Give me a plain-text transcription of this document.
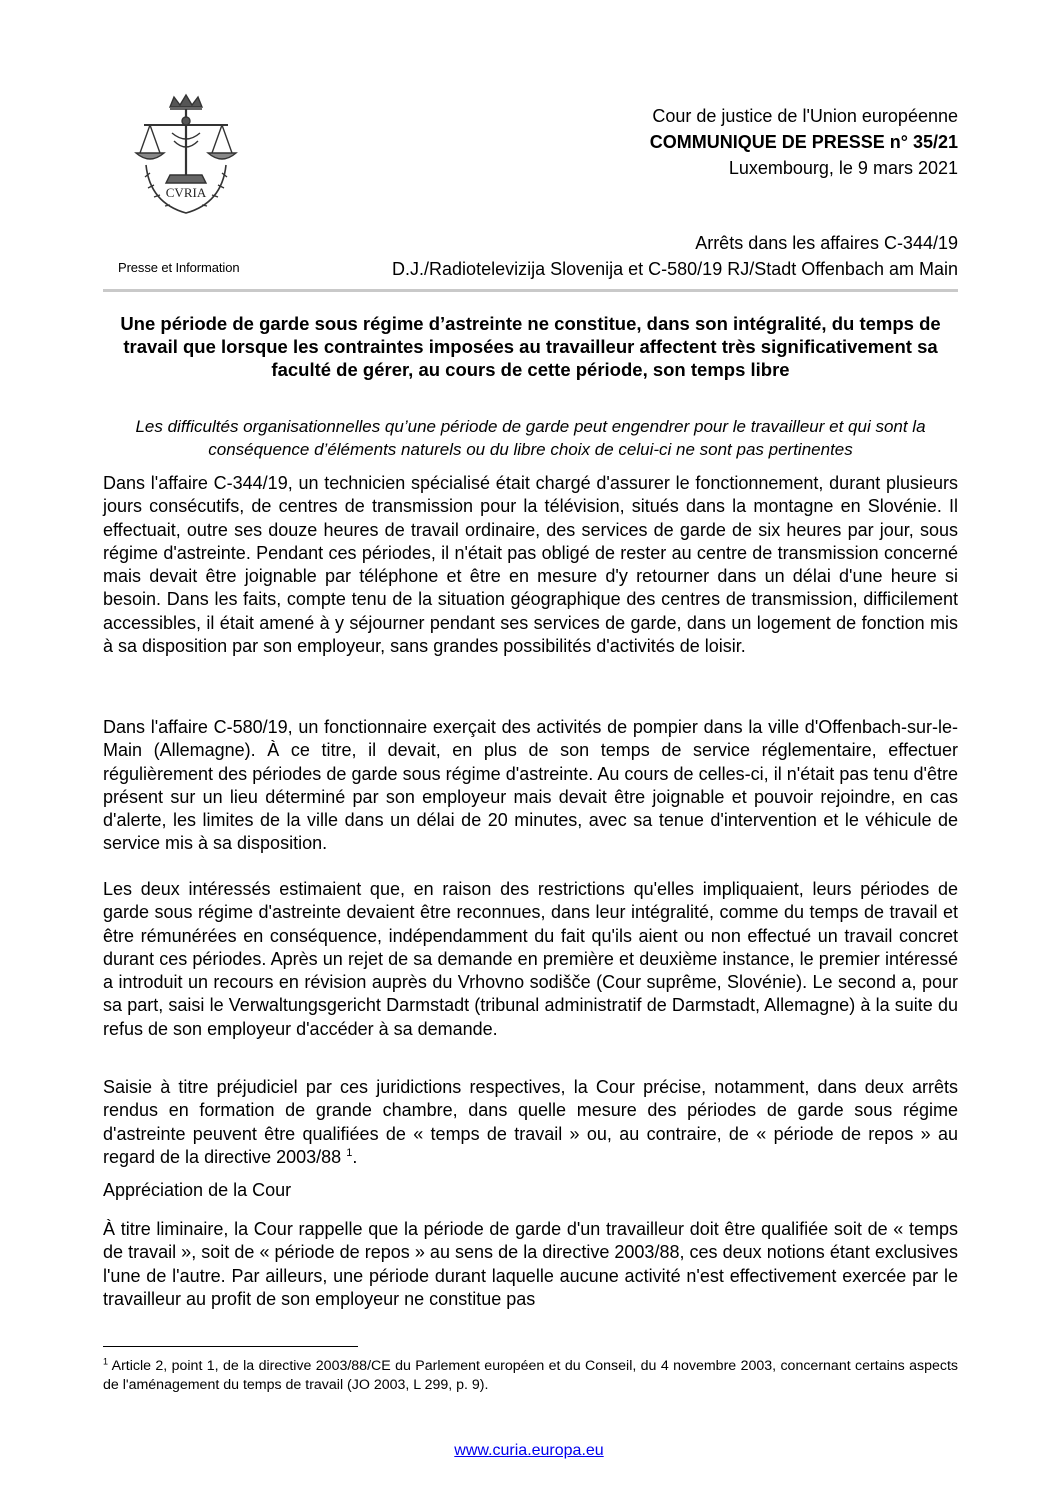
CVRIA
Presse et Information
Cour de justice de l'Union européenne
COMMUNIQUE DE PRESSE n° 35/21
Luxembourg, le 9 mars 2021
Arrêts dans les affaires C-344/19
D.J./Radiotelevizija Slovenija et C-580/19 RJ/Stadt Offenbach am Main

Une période de garde sous régime d’astreinte ne constitue, dans son intégralité, du temps de travail que lorsque les contraintes imposées au travailleur affectent très significativement sa faculté de gérer, au cours de cette période, son temps libre

Les difficultés organisationnelles qu’une période de garde peut engendrer pour le travailleur et qui sont la conséquence d’éléments naturels ou du libre choix de celui-ci ne sont pas pertinentes

Dans l'affaire C-344/19, un technicien spécialisé était chargé d'assurer le fonctionnement, durant plusieurs jours consécutifs, de centres de transmission pour la télévision, situés dans la montagne en Slovénie. Il effectuait, outre ses douze heures de travail ordinaire, des services de garde de six heures par jour, sous régime d'astreinte. Pendant ces périodes, il n'était pas obligé de rester au centre de transmission concerné mais devait être joignable par téléphone et être en mesure d'y retourner dans un délai d'une heure si besoin. Dans les faits, compte tenu de la situation géographique des centres de transmission, difficilement accessibles, il était amené à y séjourner pendant ses services de garde, dans un logement de fonction mis à sa disposition par son employeur, sans grandes possibilités d'activités de loisir.

Dans l'affaire C-580/19, un fonctionnaire exerçait des activités de pompier dans la ville d'Offenbach-sur-le-Main (Allemagne). À ce titre, il devait, en plus de son temps de service réglementaire, effectuer régulièrement des périodes de garde sous régime d'astreinte. Au cours de celles-ci, il n'était pas tenu d'être présent sur un lieu déterminé par son employeur mais devait être joignable et pouvoir rejoindre, en cas d'alerte, les limites de la ville dans un délai de 20 minutes, avec sa tenue d'intervention et le véhicule de service mis à sa disposition.

Les deux intéressés estimaient que, en raison des restrictions qu'elles impliquaient, leurs périodes de garde sous régime d'astreinte devaient être reconnues, dans leur intégralité, comme du temps de travail et être rémunérées en conséquence, indépendamment du fait qu'ils aient ou non effectué un travail concret durant ces périodes. Après un rejet de sa demande en première et deuxième instance, le premier intéressé a introduit un recours en révision auprès du Vrhovno sodišče (Cour suprême, Slovénie). Le second a, pour sa part, saisi le Verwaltungsgericht Darmstadt (tribunal administratif de Darmstadt, Allemagne) à la suite du refus de son employeur d'accéder à sa demande.

Saisie à titre préjudiciel par ces juridictions respectives, la Cour précise, notamment, dans deux arrêts rendus en formation de grande chambre, dans quelle mesure des périodes de garde sous régime d'astreinte peuvent être qualifiées de « temps de travail » ou, au contraire, de « période de repos » au regard de la directive 2003/88 $^1$.

Appréciation de la Cour

À titre liminaire, la Cour rappelle que la période de garde d'un travailleur doit être qualifiée soit de « temps de travail », soit de « période de repos » au sens de la directive 2003/88, ces deux notions étant exclusives l'une de l'autre. Par ailleurs, une période durant laquelle aucune activité n'est effectivement exercée par le travailleur au profit de son employeur ne constitue pas

$^1$ Article 2, point 1, de la directive 2003/88/CE du Parlement européen et du Conseil, du 4 novembre 2003, concernant certains aspects de l'aménagement du temps de travail (JO 2003, L 299, p. 9).

www.curia.europa.eu
